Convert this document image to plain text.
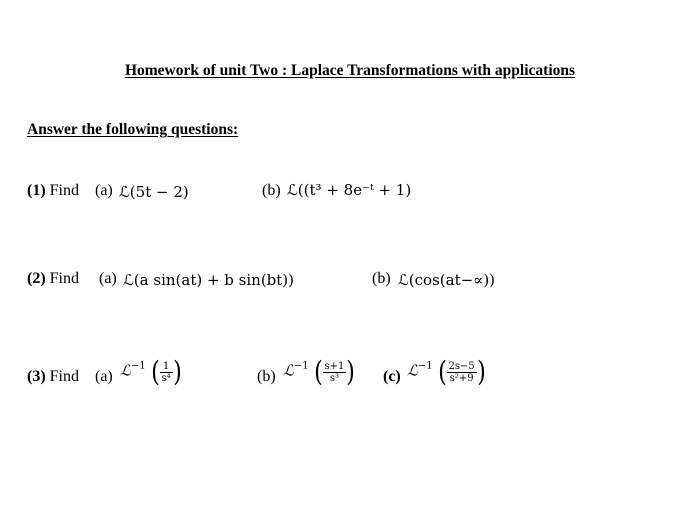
Homework of unit Two : Laplace Transformations with applications
Answer the following questions:
(1) Find (a) ℒ(5t − 2)	(b) ℒ((t³ + 8e⁻ᵗ + 1)
(2) Find (a) ℒ(a sin(at) + b sin(bt))	(b) ℒ(cos(at−∝))
(3) Find (a) ℒ$^{-1}$ ( $\frac{1}{\text{s⁴}}$ )	(b) ℒ$^{-1}$ ( $\frac{s+1}{\text{s³}}$ ) (c) ℒ$^{-1}$ ( $\frac{2s-5}{\text{s²+9}}$ )
